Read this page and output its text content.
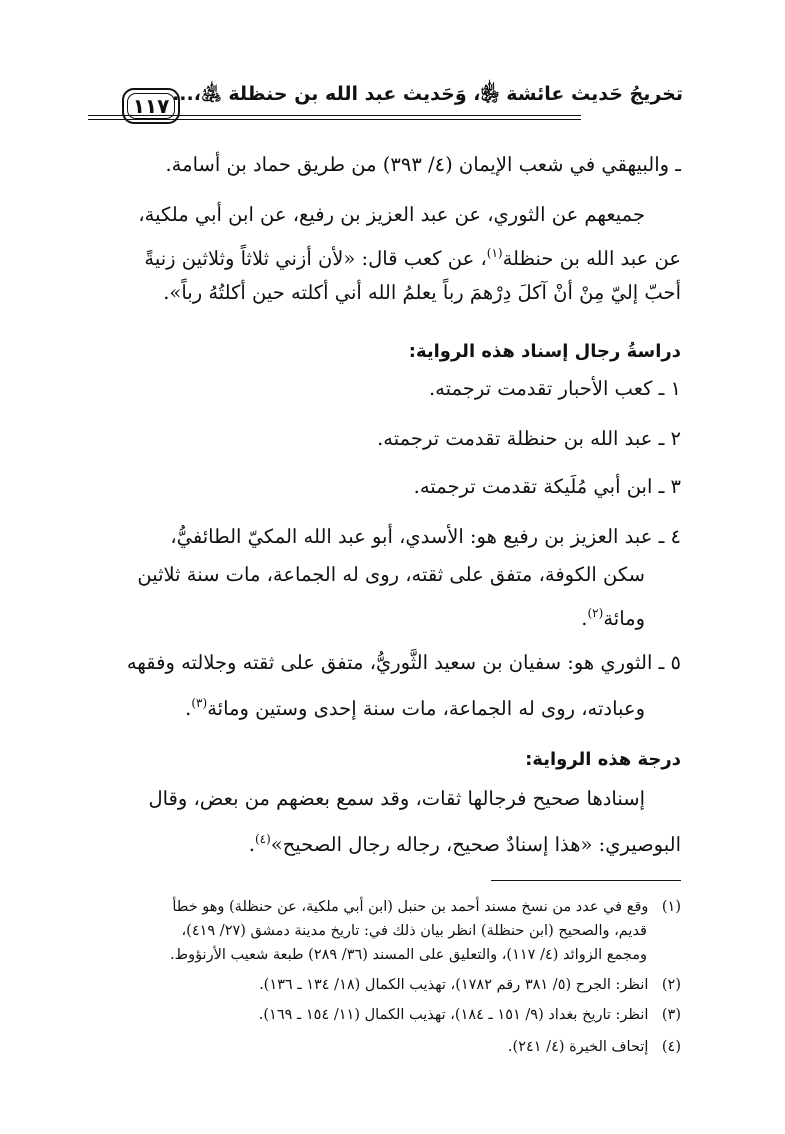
تخريجُ حَديث عائشة ﵂، وَحَديث عبد الله بن حنظلة ﵁،...
١١٧
ـ والبيهقي في شعب الإيمان (٤/ ٣٩٣) من طريق حماد بن أسامة.
جميعهم عن الثوري، عن عبد العزيز بن رفيع، عن ابن أبي ملكية،
عن عبد الله بن حنظلة$^{(١)}$، عن كعب قال: «لأن أزني ثلاثاً وثلاثين زنيةً
أحبّ إليّ مِنْ أنْ آكلَ دِرْهمَ رباً يعلمُ الله أني أكلته حين أكلتُهُ رباً».
دراسةُ رجال إسناد هذه الرواية:
١ ـ كعب الأحبار تقدمت ترجمته.
٢ ـ عبد الله بن حنظلة تقدمت ترجمته.
٣ ـ ابن أبي مُلَيكة تقدمت ترجمته.
٤ ـ عبد العزيز بن رفيع هو: الأسدي، أبو عبد الله المكيّ الطائفيُّ،
سكن الكوفة، متفق على ثقته، روى له الجماعة، مات سنة ثلاثين
ومائة$^{(٢)}$.
٥ ـ الثوري هو: سفيان بن سعيد الثَّوريُّ، متفق على ثقته وجلالته وفقهه
وعبادته، روى له الجماعة، مات سنة إحدى وستين ومائة$^{(٣)}$.
درجة هذه الرواية:
إسنادها صحيح فرجالها ثقات، وقد سمع بعضهم من بعض، وقال
البوصيري: «هذا إسنادٌ صحيح، رجاله رجال الصحيح»$^{(٤)}$.
(١) وقع في عدد من نسخ مسند أحمد بن حنبل (ابن أبي ملكية، عن حنظلة) وهو خطأ
قديم، والصحيح (ابن حنظلة) انظر بيان ذلك في: تاريخ مدينة دمشق (٢٧/ ٤١٩)،
ومجمع الزوائد (٤/ ١١٧)، والتعليق على المسند (٣٦/ ٢٨٩) طبعة شعيب الأرنؤوط.
(٢) انظر: الجرح (٥/ ٣٨١ رقم ١٧٨٢)، تهذيب الكمال (١٨/ ١٣٤ ـ ١٣٦).
(٣) انظر: تاريخ بغداد (٩/ ١٥١ ـ ١٨٤)، تهذيب الكمال (١١/ ١٥٤ ـ ١٦٩).
(٤) إتحاف الخيرة (٤/ ٢٤١).
